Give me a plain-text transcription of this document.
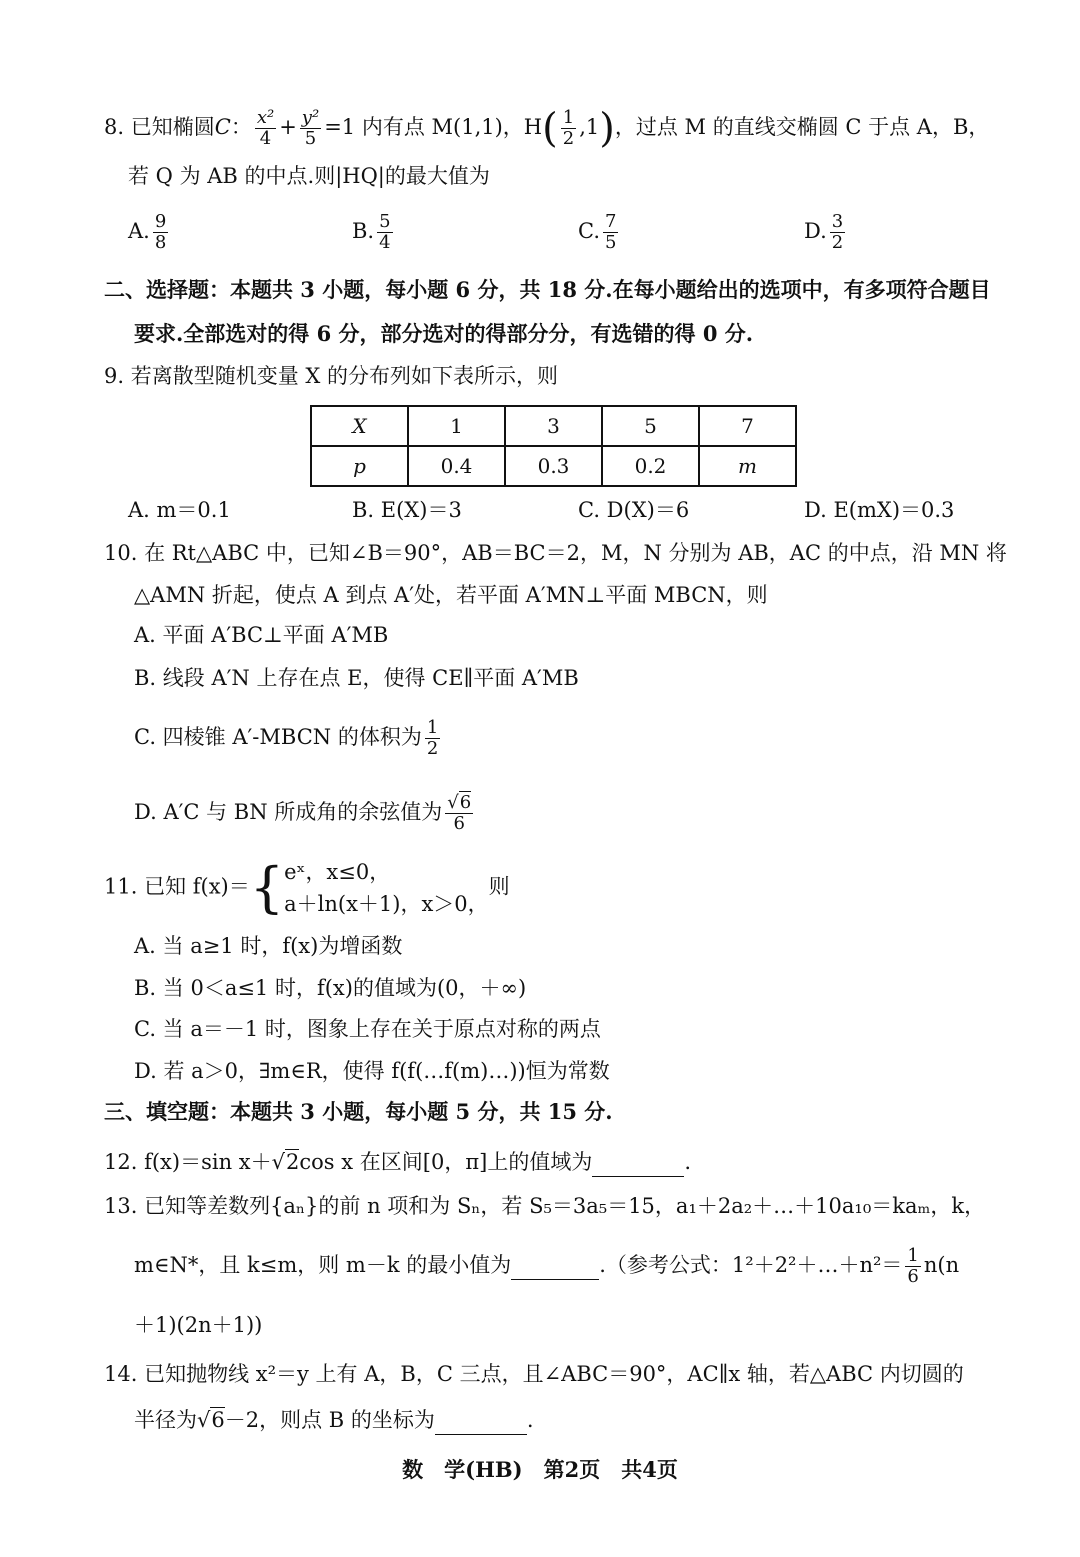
8. 已知椭圆C： $\frac{\text{x²}}{4} + \frac{\text{y²}}{5} =1$ 内有点 M(1,1)，$H( \frac{1}{2} ,1)$，过点 M 的直线交椭圆 C 于点 A，B，
若 Q 为 AB 的中点.则|HQ|的最大值为
A. $\frac{9}{8}$	B. $\frac{5}{4}$	C. $\frac{7}{5}$	D. $\frac{3}{2}$
二、选择题：本题共 3 小题，每小题 6 分，共 18 分.在每小题给出的选项中，有多项符合题目
要求.全部选对的得 6 分，部分选对的得部分分，有选错的得 0 分.
9. 若离散型随机变量 X 的分布列如下表所示，则
X	1	3	5	7
p	0.4	0.3	0.2	m
A. m＝0.1	B. E(X)＝3	C. D(X)＝6	D. E(mX)＝0.3
10. 在 Rt△ABC 中，已知∠B＝90°，AB＝BC＝2，M，N 分别为 AB，AC 的中点，沿 MN 将
△AMN 折起，使点 A 到点 A′处，若平面 A′MN⊥平面 MBCN，则
A. 平面 A′BC⊥平面 A′MB
B. 线段 A′N 上存在点 E，使得 CE∥平面 A′MB
C. 四棱锥 A′-MBCN 的体积为 $\frac{1}{2}$
D. A′C 与 BN 所成角的余弦值为 $\frac{√6}{6}$
11. 已知 f(x)＝{ eˣ，x≤0，
a＋ln(x＋1)，x＞0，
则
A. 当 a≥1 时，f(x)为增函数
B. 当 0＜a≤1 时，f(x)的值域为(0，＋∞)
C. 当 a＝－1 时，图象上存在关于原点对称的两点
D. 若 a＞0，∃m∈R，使得 f(f(…f(m)…))恒为常数
三、填空题：本题共 3 小题，每小题 5 分，共 15 分.
12. f(x)＝sin x＋√2cos x 在区间[0，π]上的值域为	.
13. 已知等差数列{aₙ}的前 n 项和为 Sₙ，若 S₅＝3a₅＝15，a₁＋2a₂＋…＋10a₁₀＝kaₘ，k，
m∈N*，且 k≤m，则 m－k 的最小值为	.（参考公式：1²＋2²＋…＋n²＝ $\frac{1}{6} n(n$
＋1)(2n＋1))
14. 已知抛物线 x²＝y 上有 A，B，C 三点，且∠ABC＝90°，AC∥x 轴，若△ABC 内切圆的
半径为√6－2，则点 B 的坐标为	.
数　学(HB)　第2页　共4页
